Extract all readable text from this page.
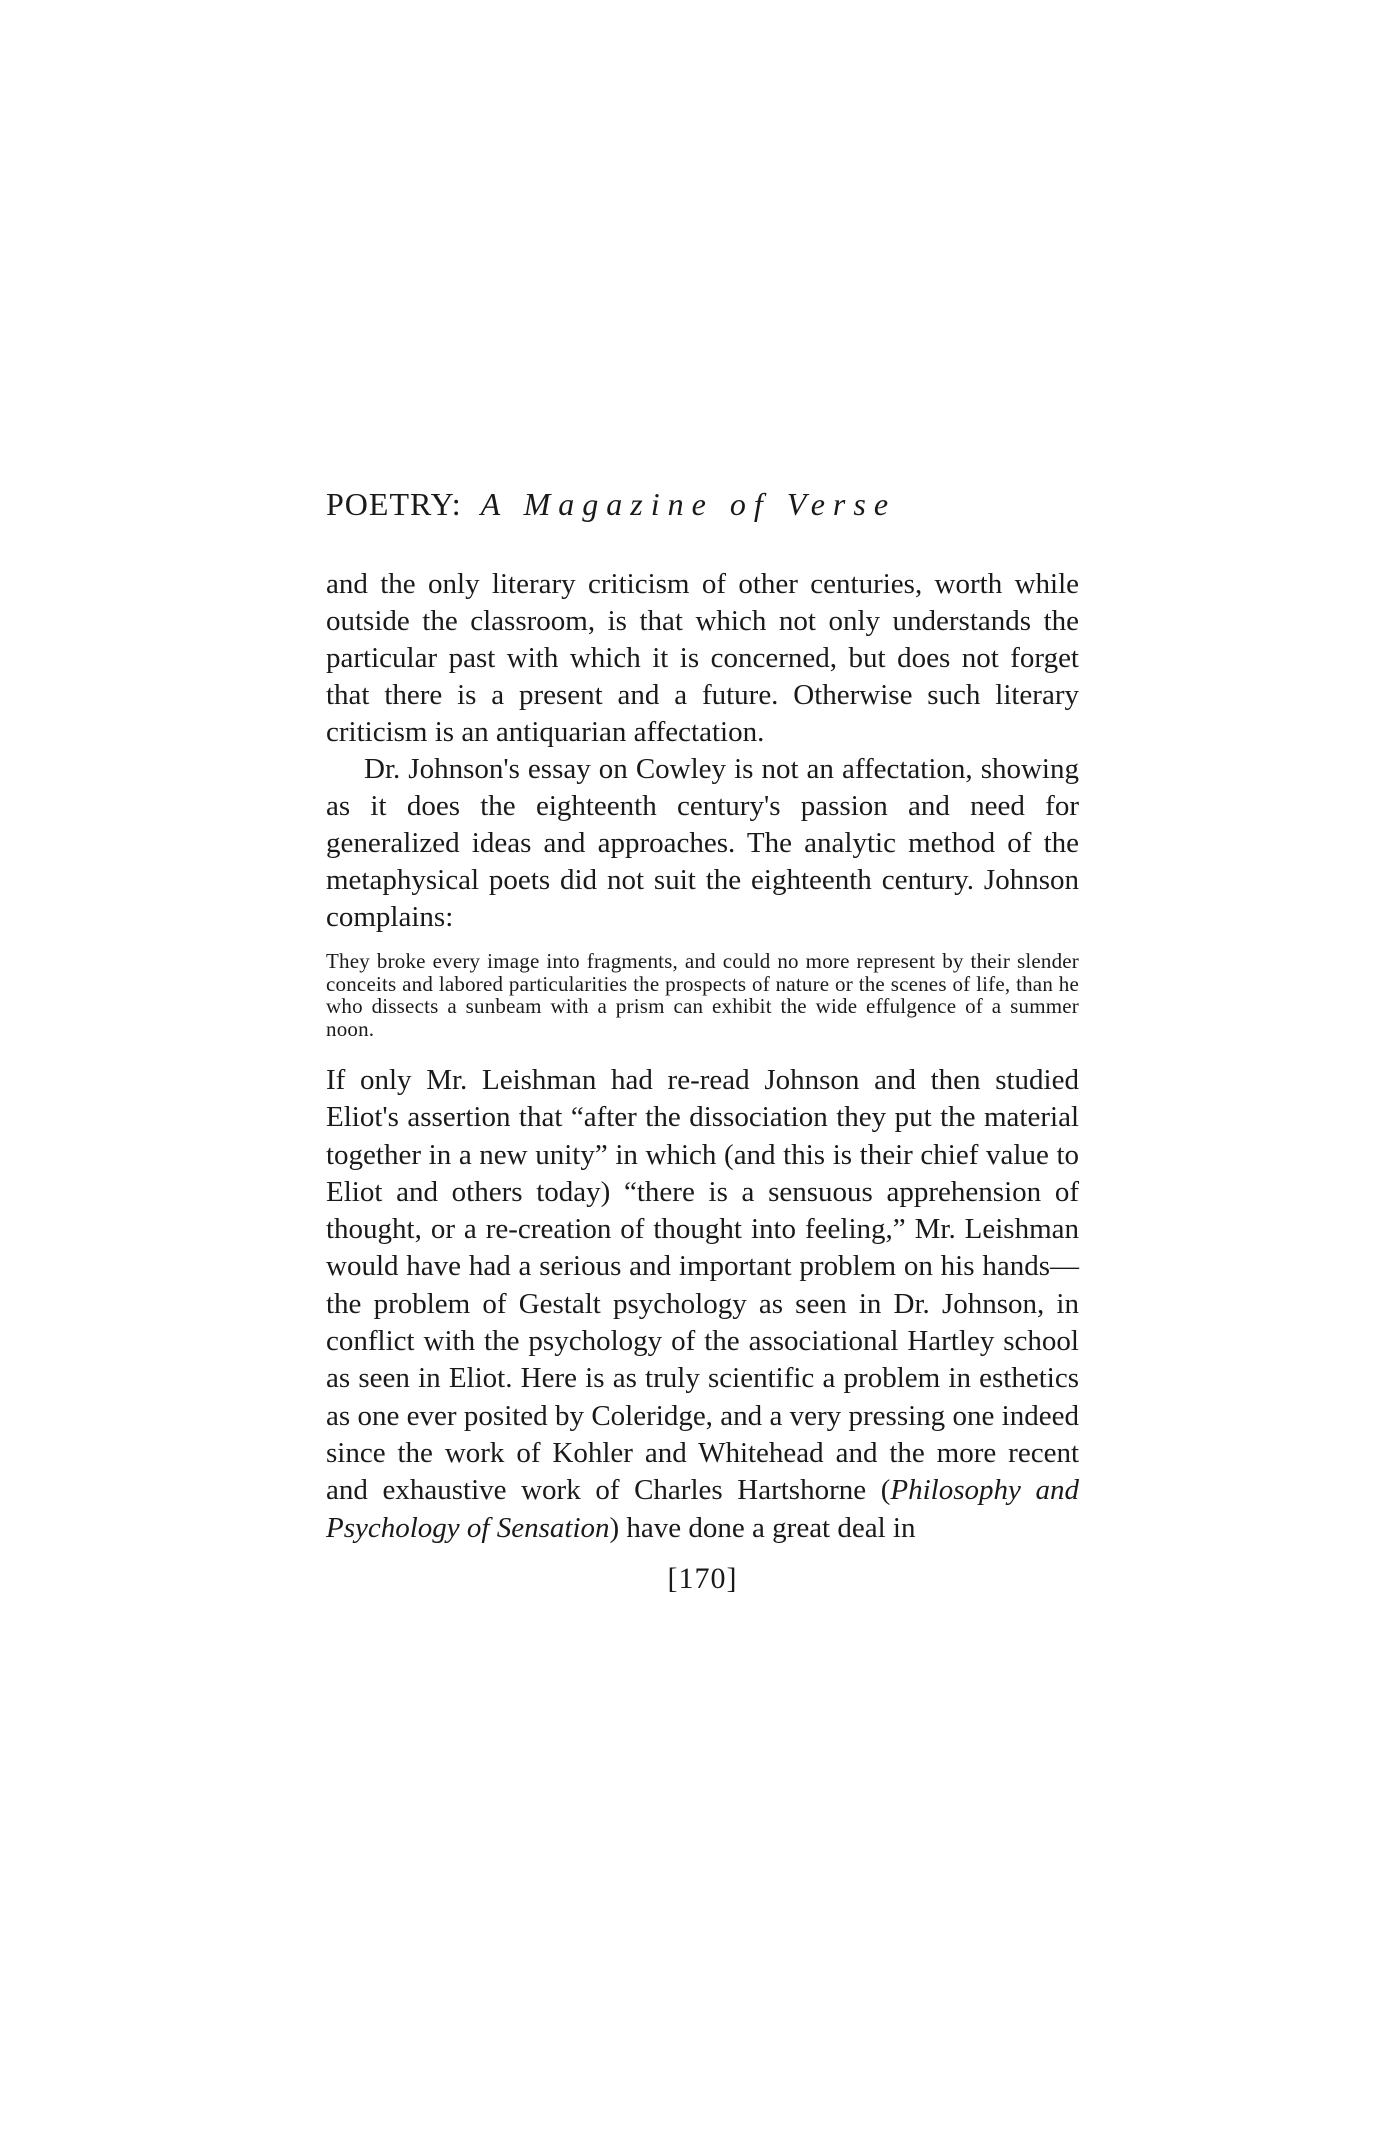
POETRY: A Magazine of Verse

and the only literary criticism of other centuries, worth while outside the classroom, is that which not only understands the particular past with which it is concerned, but does not forget that there is a present and a future. Otherwise such literary criticism is an antiquarian affectation.

Dr. Johnson's essay on Cowley is not an affectation, showing as it does the eighteenth century's passion and need for generalized ideas and approaches. The analytic method of the metaphysical poets did not suit the eighteenth century. Johnson complains:

They broke every image into fragments, and could no more represent by their slender conceits and labored particularities the prospects of nature or the scenes of life, than he who dissects a sunbeam with a prism can exhibit the wide effulgence of a summer noon.

If only Mr. Leishman had re-read Johnson and then studied Eliot's assertion that “after the dissociation they put the material together in a new unity” in which (and this is their chief value to Eliot and others today) “there is a sensuous apprehension of thought, or a re-creation of thought into feeling,” Mr. Leishman would have had a serious and important problem on his hands—the problem of Gestalt psychology as seen in Dr. Johnson, in conflict with the psychology of the associational Hartley school as seen in Eliot. Here is as truly scientific a problem in esthetics as one ever posited by Coleridge, and a very pressing one indeed since the work of Kohler and Whitehead and the more recent and exhaustive work of Charles Hartshorne (Philosophy and Psychology of Sensation) have done a great deal in

[170]
